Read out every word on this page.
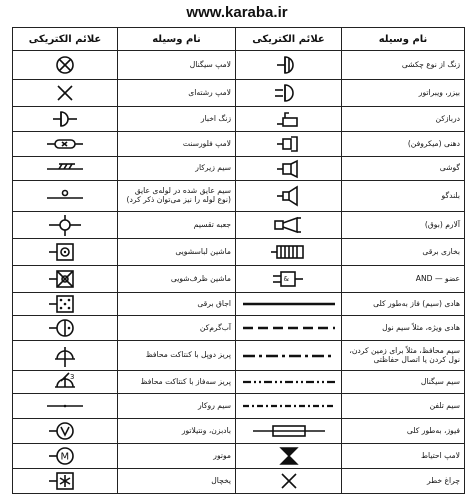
www.karaba.ir
علائم الکتریکی	نام وسیله	علائم الکتریکی	نام وسیله

	لامپ سیگنال		زنگ از نوع چکشی

	لامپ رشته‌ای		بیزر، ویبراتور

	زنگ اخبار		دربازکن

	لامپ فلورسنت		دهنی (میکروفن)

	سیم زیرکار		گوشی

	سیم عایق شده در لوله‌ی عایق (نوع لوله را نیز می‌توان ذکر کرد)		بلندگو

	جعبه تقسیم		آلارم (بوق)

	ماشین لباسشویی		بخاری برقی

	ماشین ظرف‌شویی	&	عضو — AND

	اجاق برقی		هادی (سیم) فاز به‌طور کلی

	آب‌گرم‌کن		هادی ویژه، مثلاً سیم نول

	پریز دوپل با کنتاکت محافظ		سیم محافظ، مثلاً برای زمین کردن، نول کردن یا اتصال حفاظتی

3	پریز سه‌فاز با کنتاکت محافظ		سیم سیگنال

	سیم روکار		سیم تلفن

	بادبزن، ونتیلاتور		فیوز، به‌طور کلی

M	موتور		لامپ احتیاط

	یخچال		چراغ خطر
